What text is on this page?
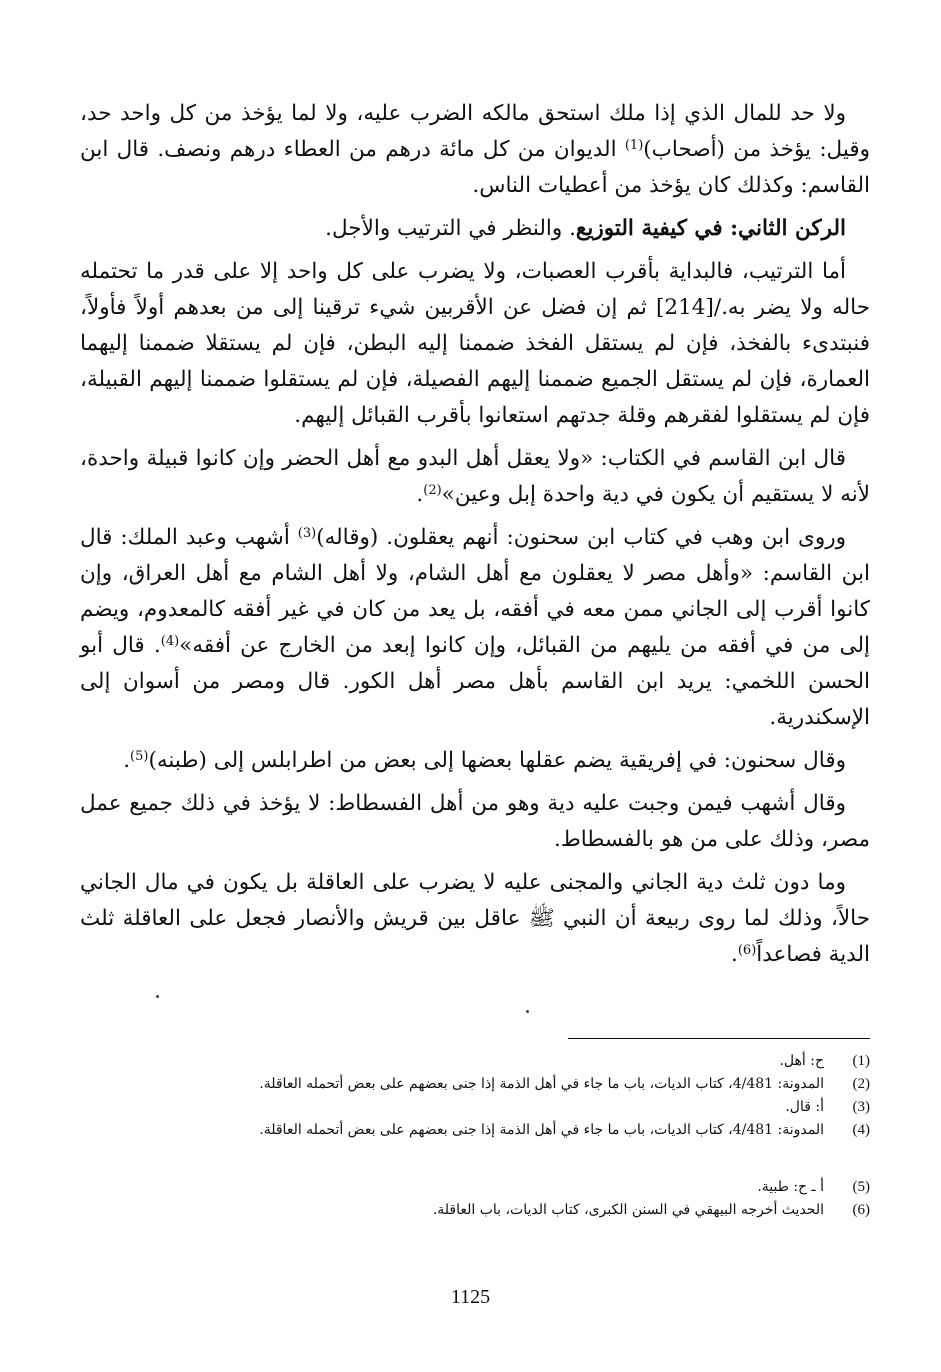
ولا حد للمال الذي إذا ملك استحق مالكه الضرب عليه، ولا لما يؤخذ من كل واحد حد، وقيل: يؤخذ من (أصحاب)$^{(1)}$ الديوان من كل مائة درهم من العطاء درهم ونصف. قال ابن القاسم: وكذلك كان يؤخذ من أعطيات الناس.

الركن الثاني: في كيفية التوزيع. والنظر في الترتيب والأجل.

أما الترتيب، فالبداية بأقرب العصبات، ولا يضرب على كل واحد إلا على قدر ما تحتمله حاله ولا يضر به./[214] ثم إن فضل عن الأقربين شيء ترقينا إلى من بعدهم أولاً فأولاً، فنبتدىء بالفخذ، فإن لم يستقل الفخذ ضممنا إليه البطن، فإن لم يستقلا ضممنا إليهما العمارة، فإن لم يستقل الجميع ضممنا إليهم الفصيلة، فإن لم يستقلوا ضممنا إليهم القبيلة، فإن لم يستقلوا لفقرهم وقلة جدتهم استعانوا بأقرب القبائل إليهم.

قال ابن القاسم في الكتاب: «ولا يعقل أهل البدو مع أهل الحضر وإن كانوا قبيلة واحدة، لأنه لا يستقيم أن يكون في دية واحدة إبل وعين»$^{(2)}$.

وروى ابن وهب في كتاب ابن سحنون: أنهم يعقلون. (وقاله)$^{(3)}$ أشهب وعبد الملك: قال ابن القاسم: «وأهل مصر لا يعقلون مع أهل الشام، ولا أهل الشام مع أهل العراق، وإن كانوا أقرب إلى الجاني ممن معه في أفقه، بل يعد من كان في غير أفقه كالمعدوم، ويضم إلى من في أفقه من يليهم من القبائل، وإن كانوا إبعد من الخارج عن أفقه»$^{(4)}$. قال أبو الحسن اللخمي: يريد ابن القاسم بأهل مصر أهل الكور. قال ومصر من أسوان إلى الإسكندرية.

وقال سحنون: في إفريقية يضم عقلها بعضها إلى بعض من اطرابلس إلى (طبنه)$^{(5)}$.

وقال أشهب فيمن وجبت عليه دية وهو من أهل الفسطاط: لا يؤخذ في ذلك جميع عمل مصر، وذلك على من هو بالفسطاط.

وما دون ثلث دية الجاني والمجنى عليه لا يضرب على العاقلة بل يكون في مال الجاني حالاً، وذلك لما روى ربيعة أن النبي ﷺ عاقل بين قريش والأنصار فجعل على العاقلة ثلث الدية فصاعداً$^{(6)}$.

(1)
ح: أهل.
(2)
المدونة: 4/481، كتاب الديات، باب ما جاء في أهل الذمة إذا جنى بعضهم على بعض أتحمله العاقلة.
(3)
أ: قال.
(4)
المدونة: 4/481، كتاب الديات، باب ما جاء في أهل الذمة إذا جنى بعضهم على بعض أتحمله العاقلة.
(5)
أ ـ ح: طبية.
(6)
الحديث أخرجه البيهقي في السنن الكبرى، كتاب الديات، باب العاقلة.
1125
